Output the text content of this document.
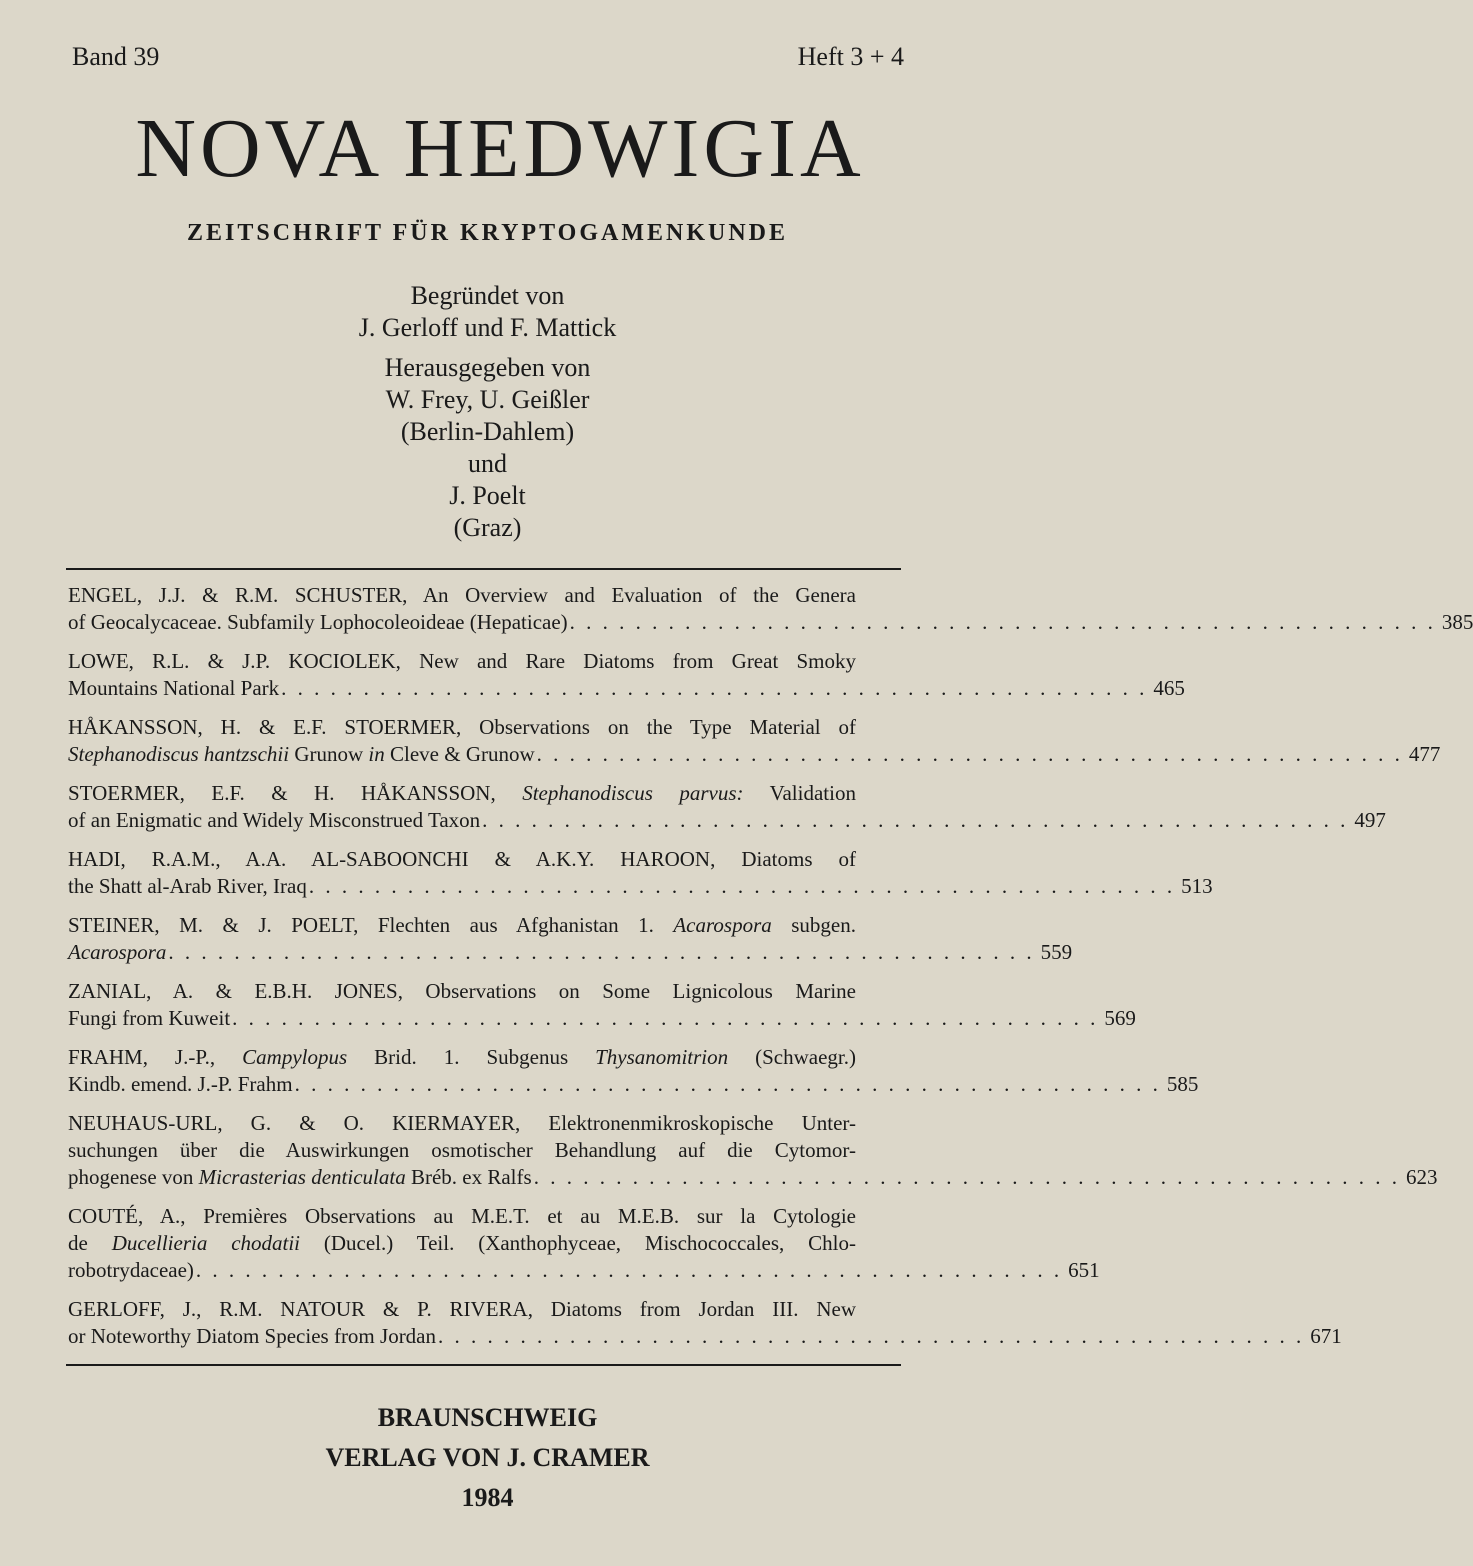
Band 39	Heft 3 + 4
NOVA HEDWIGIA
ZEITSCHRIFT FÜR KRYPTOGAMENKUNDE
Begründet von
J. Gerloff und F. Mattick
Herausgegeben von
W. Frey, U. Geißler
(Berlin-Dahlem)
und
J. Poelt
(Graz)
ENGEL, J.J. & R.M. SCHUSTER, An Overview and Evaluation of the Genera
of Geocalycaceae. Subfamily Lophocoleoideae (Hepaticae) . . . . . . . . . . . . . . . . . . . . . . . . . . . . . . . . . . . . . . . . . . . . . . . . . . . . . 385
LOWE, R.L. & J.P. KOCIOLEK, New and Rare Diatoms from Great Smoky
Mountains National Park . . . . . . . . . . . . . . . . . . . . . . . . . . . . . . . . . . . . . . . . . . . . . . . . . . . . . 465
HÅKANSSON, H. & E.F. STOERMER, Observations on the Type Material of
Stephanodiscus hantzschii Grunow in Cleve & Grunow . . . . . . . . . . . . . . . . . . . . . . . . . . . . . . . . . . . . . . . . . . . . . . . . . . . . . 477
STOERMER, E.F. & H. HÅKANSSON, Stephanodiscus parvus: Validation
of an Enigmatic and Widely Misconstrued Taxon . . . . . . . . . . . . . . . . . . . . . . . . . . . . . . . . . . . . . . . . . . . . . . . . . . . . . 497
HADI, R.A.M., A.A. AL-SABOONCHI & A.K.Y. HAROON, Diatoms of
the Shatt al-Arab River, Iraq . . . . . . . . . . . . . . . . . . . . . . . . . . . . . . . . . . . . . . . . . . . . . . . . . . . . . 513
STEINER, M. & J. POELT, Flechten aus Afghanistan 1. Acarospora subgen.
Acarospora . . . . . . . . . . . . . . . . . . . . . . . . . . . . . . . . . . . . . . . . . . . . . . . . . . . . . 559
ZANIAL, A. & E.B.H. JONES, Observations on Some Lignicolous Marine
Fungi from Kuweit . . . . . . . . . . . . . . . . . . . . . . . . . . . . . . . . . . . . . . . . . . . . . . . . . . . . . 569
FRAHM, J.-P., Campylopus Brid. 1. Subgenus Thysanomitrion (Schwaegr.)
Kindb. emend. J.-P. Frahm . . . . . . . . . . . . . . . . . . . . . . . . . . . . . . . . . . . . . . . . . . . . . . . . . . . . . 585
NEUHAUS-URL, G. & O. KIERMAYER, Elektronenmikroskopische Unter-
suchungen über die Auswirkungen osmotischer Behandlung auf die Cytomor-
phogenese von Micrasterias denticulata Bréb. ex Ralfs . . . . . . . . . . . . . . . . . . . . . . . . . . . . . . . . . . . . . . . . . . . . . . . . . . . . . 623
COUTÉ, A., Premières Observations au M.E.T. et au M.E.B. sur la Cytologie
de Ducellieria chodatii (Ducel.) Teil. (Xanthophyceae, Mischococcales, Chlo-
robotrydaceae) . . . . . . . . . . . . . . . . . . . . . . . . . . . . . . . . . . . . . . . . . . . . . . . . . . . . . 651
GERLOFF, J., R.M. NATOUR & P. RIVERA, Diatoms from Jordan III. New
or Noteworthy Diatom Species from Jordan . . . . . . . . . . . . . . . . . . . . . . . . . . . . . . . . . . . . . . . . . . . . . . . . . . . . . 671
BRAUNSCHWEIG
VERLAG VON J. CRAMER
1984
